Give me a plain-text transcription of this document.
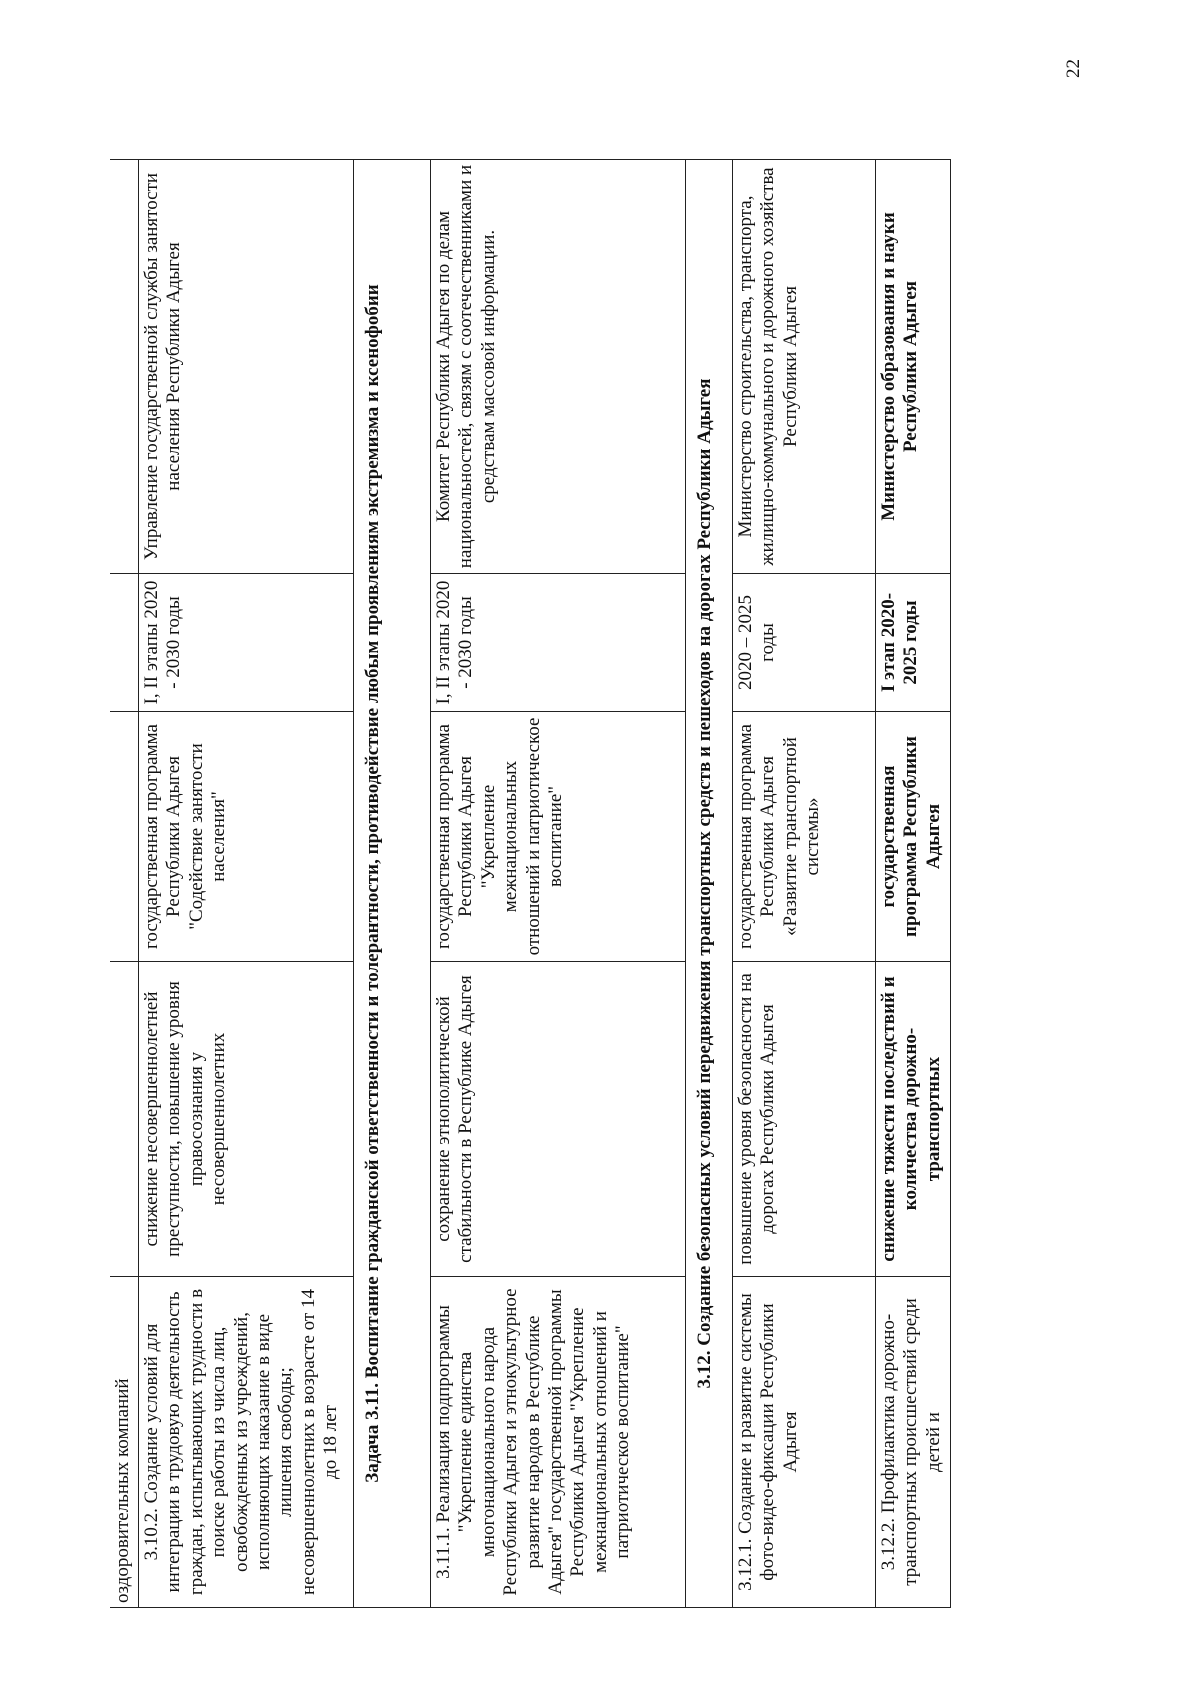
22
оздоровительных компаний				
3.10.2. Создание условий для интеграции в трудовую деятельность граждан, испытывающих трудности в поиске работы из числа лиц, освобожденных из учреждений, исполняющих наказание в виде лишения свободы; несовершеннолетних в возрасте от 14 до 18 лет	снижение несовершеннолетней преступности, повышение уровня правосознания у несовершеннолетних	государственная программа Республики Адыгея "Содействие занятости населения"	I, II этапы 2020 - 2030 годы	Управление государственной службы занятости населения Республики Адыгея
Задача 3.11. Воспитание гражданской ответственности и толерантности, противодействие любым проявлениям экстремизма и ксенофобии				
3.11.1. Реализация подпрограммы "Укрепление единства многонационального народа Республики Адыгея и этнокультурное развитие народов в Республике Адыгея" государственной программы Республики Адыгея "Укрепление межнациональных отношений и патриотическое воспитание"	сохранение этнополитической стабильности в Республике Адыгея	государственная программа Республики Адыгея "Укрепление межнациональных отношений и патриотическое воспитание"	I, II этапы 2020 - 2030 годы	Комитет Республики Адыгея по делам национальностей, связям с соотечественниками и средствам массовой информации.
3.12. Создание безопасных условий передвижения транспортных средств и пешеходов на дорогах Республики Адыгея				
3.12.1. Создание и развитие системы фото-видео-фиксации Республики Адыгея	повышение уровня безопасности на дорогах Республики Адыгея	государственная программа Республики Адыгея «Развитие транспортной системы»	2020 – 2025 годы	Министерство строительства, транспорта, жилищно-коммунального и дорожного хозяйства Республики Адыгея
3.12.2. Профилактика дорожно-транспортных происшествий среди детей и	снижение тяжести последствий и количества дорожно-транспортных	государственная программа Республики Адыгея	I этап 2020-2025 годы	Министерство образования и науки Республики Адыгея
